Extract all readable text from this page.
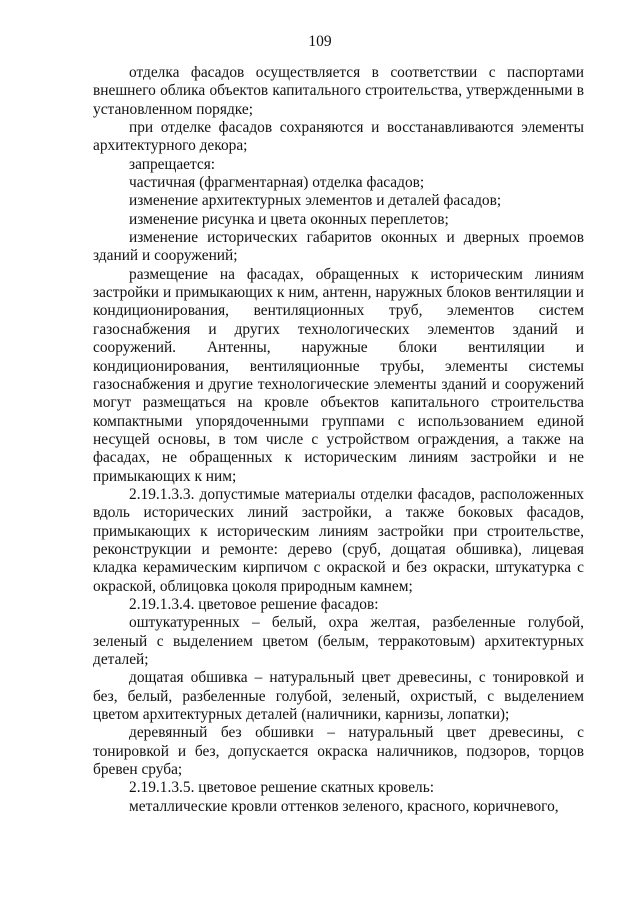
109

отделка фасадов осуществляется в соответствии с паспортами внешнего облика объектов капитального строительства, утвержденными в установленном порядке;

при отделке фасадов сохраняются и восстанавливаются элементы архитектурного декора;

запрещается:

частичная (фрагментарная) отделка фасадов;

изменение архитектурных элементов и деталей фасадов;

изменение рисунка и цвета оконных переплетов;

изменение исторических габаритов оконных и дверных проемов зданий и сооружений;

размещение на фасадах, обращенных к историческим линиям застройки и примыкающих к ним, антенн, наружных блоков вентиляции и кондиционирования, вентиляционных труб, элементов систем газоснабжения и других технологических элементов зданий и сооружений. Антенны, наружные блоки вентиляции и кондиционирования, вентиляционные трубы, элементы системы газоснабжения и другие технологические элементы зданий и сооружений могут размещаться на кровле объектов капитального строительства компактными упорядоченными группами с использованием единой несущей основы, в том числе с устройством ограждения, а также на фасадах, не обращенных к историческим линиям застройки и не примыкающих к ним;

2.19.1.3.3. допустимые материалы отделки фасадов, расположенных вдоль исторических линий застройки, а также боковых фасадов, примыкающих к историческим линиям застройки при строительстве, реконструкции и ремонте: дерево (сруб, дощатая обшивка), лицевая кладка керамическим кирпичом с окраской и без окраски, штукатурка с окраской, облицовка цоколя природным камнем;

2.19.1.3.4. цветовое решение фасадов:

оштукатуренных – белый, охра желтая, разбеленные голубой, зеленый с выделением цветом (белым, терракотовым) архитектурных деталей;

дощатая обшивка – натуральный цвет древесины, с тонировкой и без, белый, разбеленные голубой, зеленый, охристый, с выделением цветом архитектурных деталей (наличники, карнизы, лопатки);

деревянный без обшивки – натуральный цвет древесины, с тонировкой и без, допускается окраска наличников, подзоров, торцов бревен сруба;

2.19.1.3.5. цветовое решение скатных кровель:

металлические кровли оттенков зеленого, красного, коричневого,
